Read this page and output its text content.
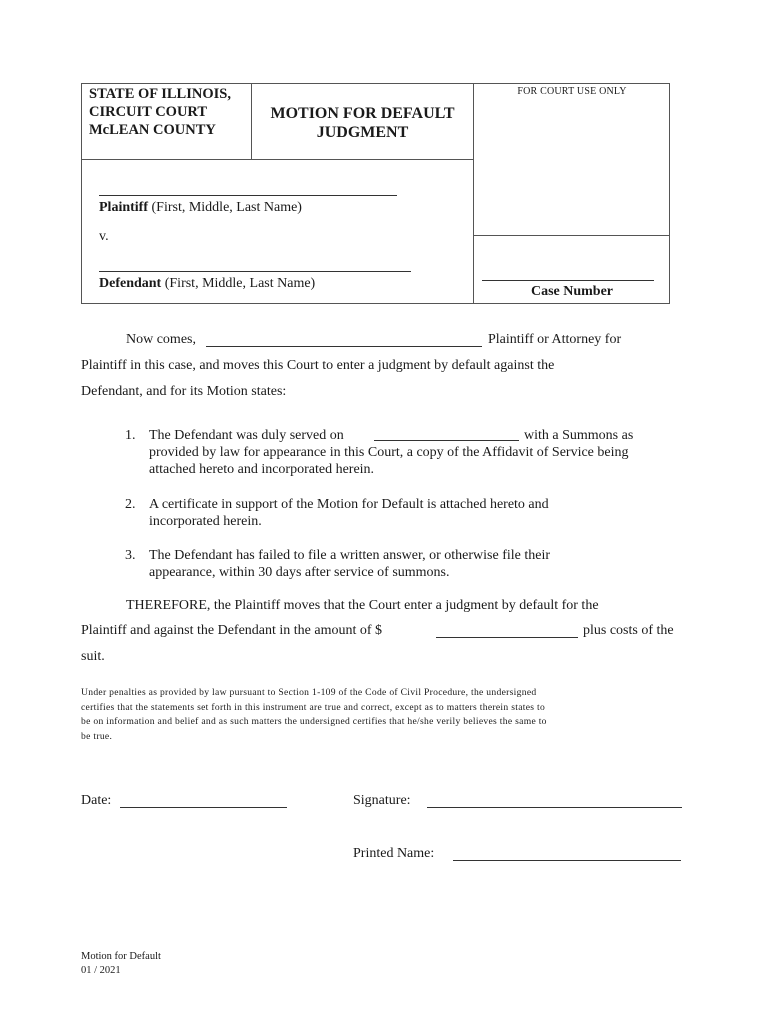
STATE OF ILLINOIS,
CIRCUIT COURT
McLEAN COUNTY
MOTION FOR DEFAULT
JUDGMENT
FOR COURT USE ONLY
Plaintiff (First, Middle, Last Name)
v.
Defendant (First, Middle, Last Name)
Case Number
Now comes,	Plaintiff or Attorney for
Plaintiff in this case, and moves this Court to enter a judgment by default against the
Defendant, and for its Motion states:
1. The Defendant was duly served on	with a Summons as
provided by law for appearance in this Court, a copy of the Affidavit of Service being
attached hereto and incorporated herein.
2. A certificate in support of the Motion for Default is attached hereto and
incorporated herein.
3. The Defendant has failed to file a written answer, or otherwise file their
appearance, within 30 days after service of summons.
THEREFORE, the Plaintiff moves that the Court enter a judgment by default for the
Plaintiff and against the Defendant in the amount of $	plus costs of the
suit.
Under penalties as provided by law pursuant to Section 1-109 of the Code of Civil Procedure, the undersigned
certifies that the statements set forth in this instrument are true and correct, except as to matters therein states to
be on information and belief and as such matters the undersigned certifies that he/she verily believes the same to
be true.
Date:	Signature:
Printed Name:
Motion for Default
01 / 2021
